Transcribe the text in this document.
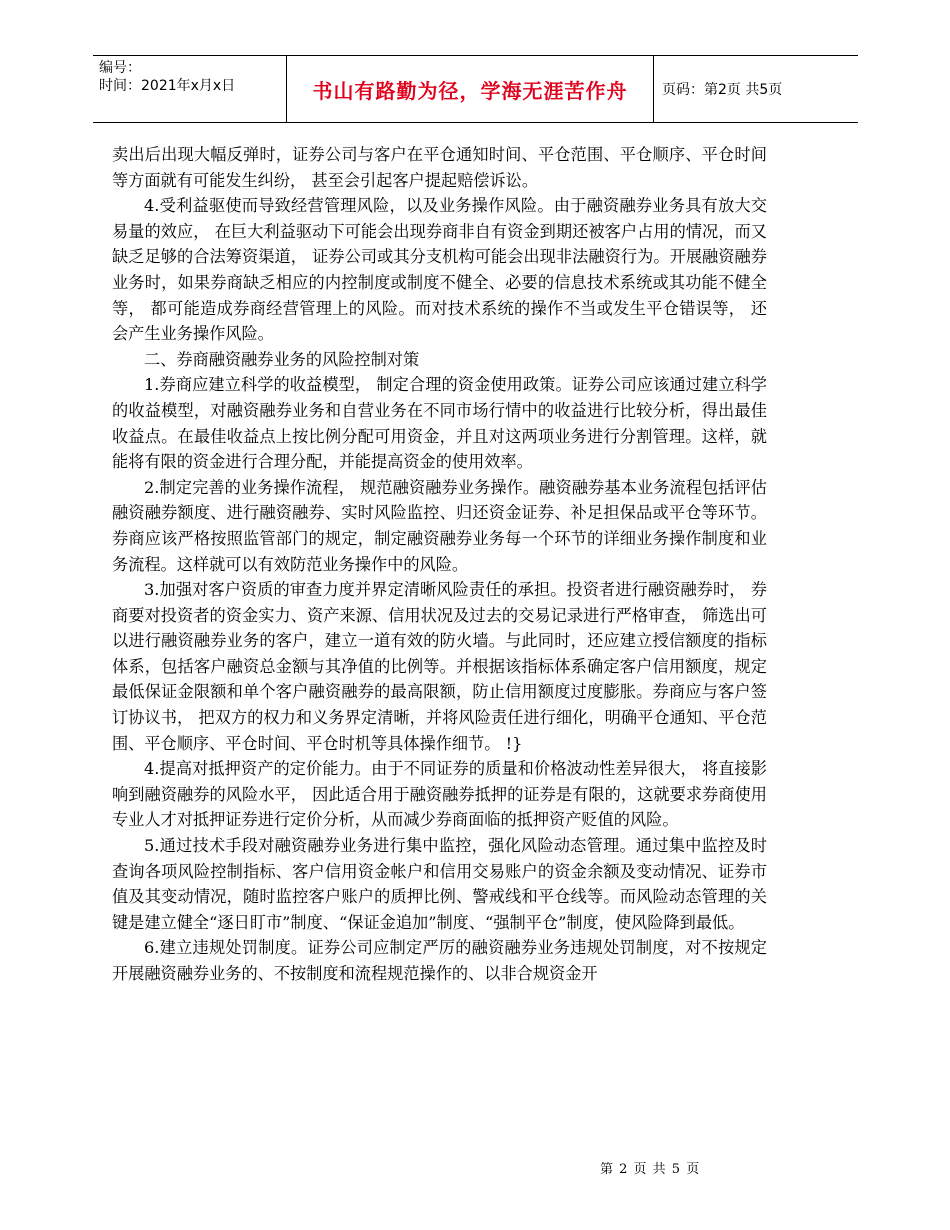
编号：
时间：2021年x月x日	书山有路勤为径，学海无涯苦作舟	页码：第2页 共5页

卖出后出现大幅反弹时，证券公司与客户在平仓通知时间、平仓范围、平仓顺序、平仓时间等方面就有可能发生纠纷， 甚至会引起客户提起赔偿诉讼。

4.受利益驱使而导致经营管理风险，以及业务操作风险。由于融资融券业务具有放大交易量的效应， 在巨大利益驱动下可能会出现券商非自有资金到期还被客户占用的情况，而又缺乏足够的合法筹资渠道， 证券公司或其分支机构可能会出现非法融资行为。开展融资融券业务时，如果券商缺乏相应的内控制度或制度不健全、必要的信息技术系统或其功能不健全等， 都可能造成券商经营管理上的风险。而对技术系统的操作不当或发生平仓错误等， 还会产生业务操作风险。

二、券商融资融券业务的风险控制对策

1.券商应建立科学的收益模型， 制定合理的资金使用政策。证券公司应该通过建立科学的收益模型，对融资融券业务和自营业务在不同市场行情中的收益进行比较分析，得出最佳收益点。在最佳收益点上按比例分配可用资金，并且对这两项业务进行分割管理。这样，就能将有限的资金进行合理分配，并能提高资金的使用效率。

2.制定完善的业务操作流程， 规范融资融券业务操作。融资融券基本业务流程包括评估融资融券额度、进行融资融券、实时风险监控、归还资金证券、补足担保品或平仓等环节。券商应该严格按照监管部门的规定，制定融资融券业务每一个环节的详细业务操作制度和业务流程。这样就可以有效防范业务操作中的风险。

3.加强对客户资质的审查力度并界定清晰风险责任的承担。投资者进行融资融券时， 券商要对投资者的资金实力、资产来源、信用状况及过去的交易记录进行严格审查， 筛选出可以进行融资融券业务的客户，建立一道有效的防火墙。与此同时，还应建立授信额度的指标体系，包括客户融资总金额与其净值的比例等。并根据该指标体系确定客户信用额度，规定最低保证金限额和单个客户融资融券的最高限额，防止信用额度过度膨胀。券商应与客户签订协议书， 把双方的权力和义务界定清晰，并将风险责任进行细化，明确平仓通知、平仓范围、平仓顺序、平仓时间、平仓时机等具体操作细节。 !}

4.提高对抵押资产的定价能力。由于不同证券的质量和价格波动性差异很大， 将直接影响到融资融券的风险水平， 因此适合用于融资融券抵押的证券是有限的，这就要求券商使用专业人才对抵押证券进行定价分析，从而减少券商面临的抵押资产贬值的风险。

5.通过技术手段对融资融券业务进行集中监控，强化风险动态管理。通过集中监控及时查询各项风险控制指标、客户信用资金帐户和信用交易账户的资金余额及变动情况、证券市值及其变动情况，随时监控客户账户的质押比例、警戒线和平仓线等。而风险动态管理的关键是建立健全“逐日盯市”制度、“保证金追加”制度、“强制平仓”制度，使风险降到最低。

6.建立违规处罚制度。证券公司应制定严厉的融资融券业务违规处罚制度，对不按规定开展融资融券业务的、不按制度和流程规范操作的、以非合规资金开

第 2 页 共 5 页
